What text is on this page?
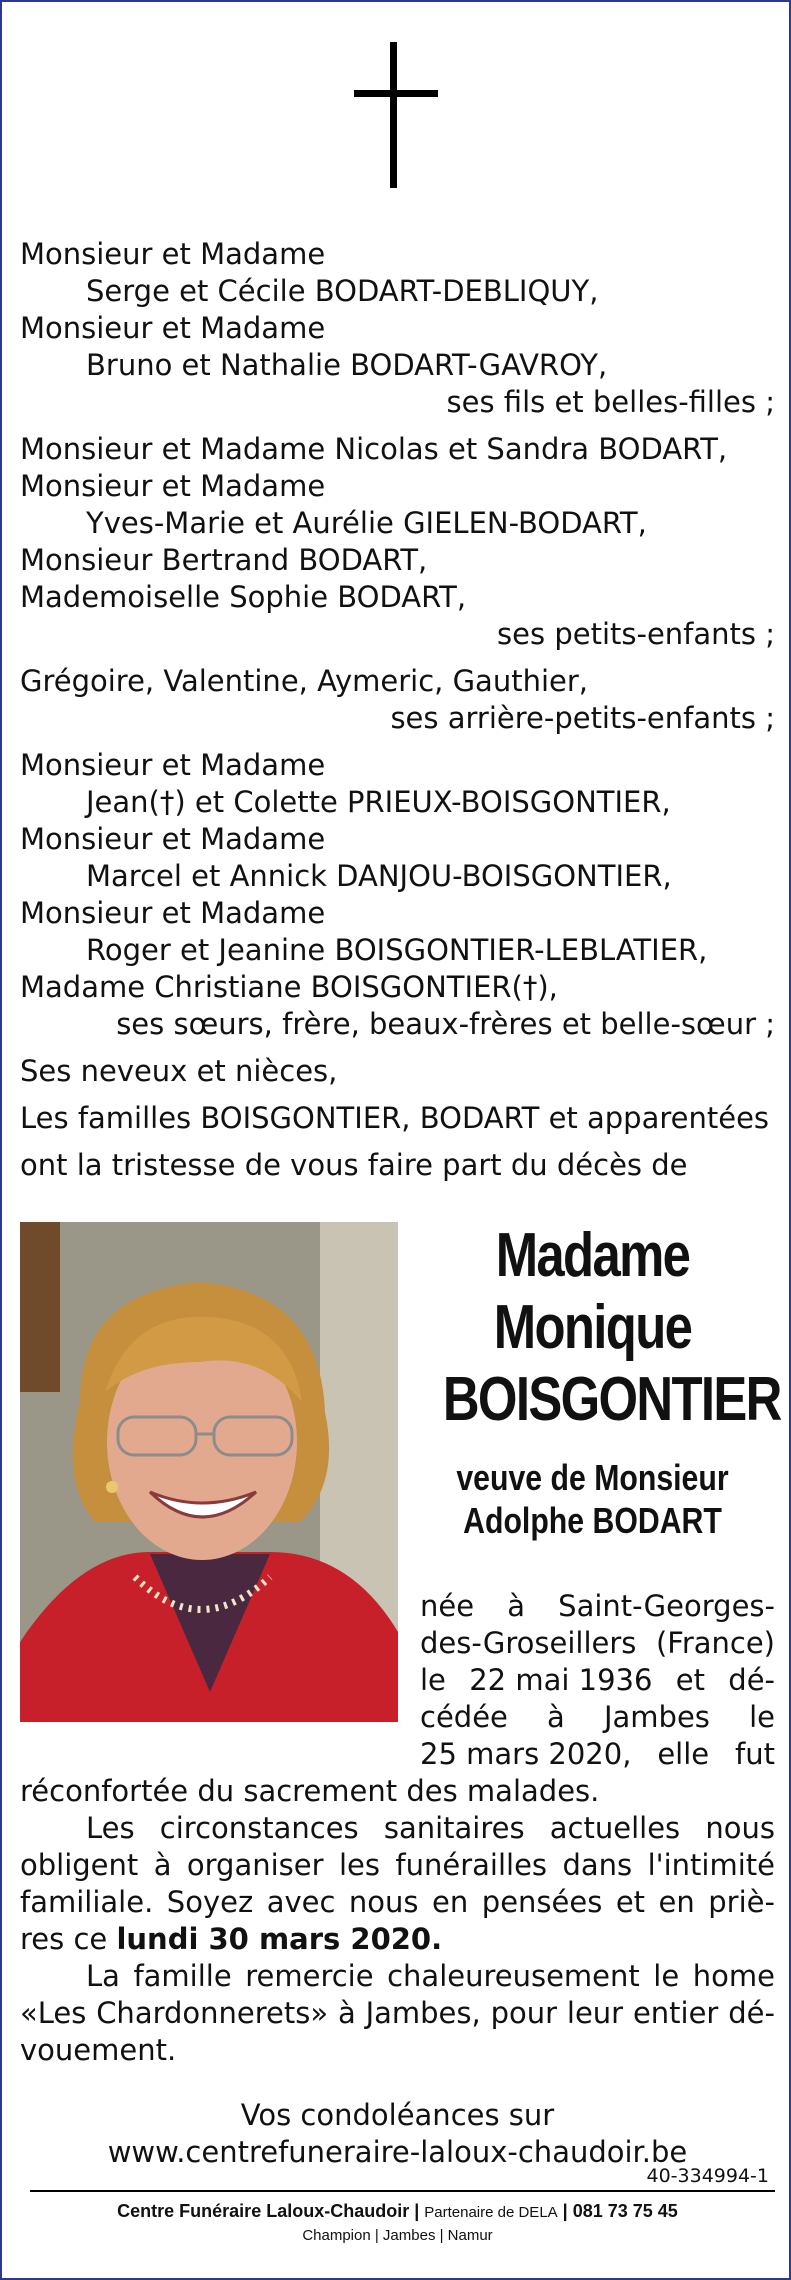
Monsieur et Madame
Serge et Cécile BODART-DEBLIQUY,
Monsieur et Madame
Bruno et Nathalie BODART-GAVROY,
ses fils et belles-filles ;
Monsieur et Madame Nicolas et Sandra BODART,
Monsieur et Madame
Yves-Marie et Aurélie GIELEN-BODART,
Monsieur Bertrand BODART,
Mademoiselle Sophie BODART,
ses petits-enfants ;
Grégoire, Valentine, Aymeric, Gauthier,
ses arrière-petits-enfants ;
Monsieur et Madame
Jean(†) et Colette PRIEUX-BOISGONTIER,
Monsieur et Madame
Marcel et Annick DANJOU-BOISGONTIER,
Monsieur et Madame
Roger et Jeanine BOISGONTIER-LEBLATIER,
Madame Christiane BOISGONTIER(†),
ses sœurs, frère, beaux-frères et belle-sœur ;
Ses neveux et nièces,
Les familles BOISGONTIER, BODART et apparentées
ont la tristesse de vous faire part du décès de
Madame
Monique
BOISGONTIER
veuve de Monsieur
Adolphe BODART
née à Saint-Georges-
des-Groseillers (France)
le 22 mai 1936 et dé-
cédée à Jambes le
25 mars 2020, elle fut
réconfortée du sacrement des malades.
Les circonstances sanitaires actuelles nous
obligent à organiser les funérailles dans l'intimité
familiale. Soyez avec nous en pensées et en priè-
res ce lundi 30 mars 2020.
La famille remercie chaleureusement le home
«Les Chardonnerets» à Jambes, pour leur entier dé-
vouement.
Vos condoléances sur
www.centrefuneraire-laloux-chaudoir.be
40-334994-1
Centre Funéraire Laloux-Chaudoir | Partenaire de DELA | 081 73 75 45
Champion | Jambes | Namur
